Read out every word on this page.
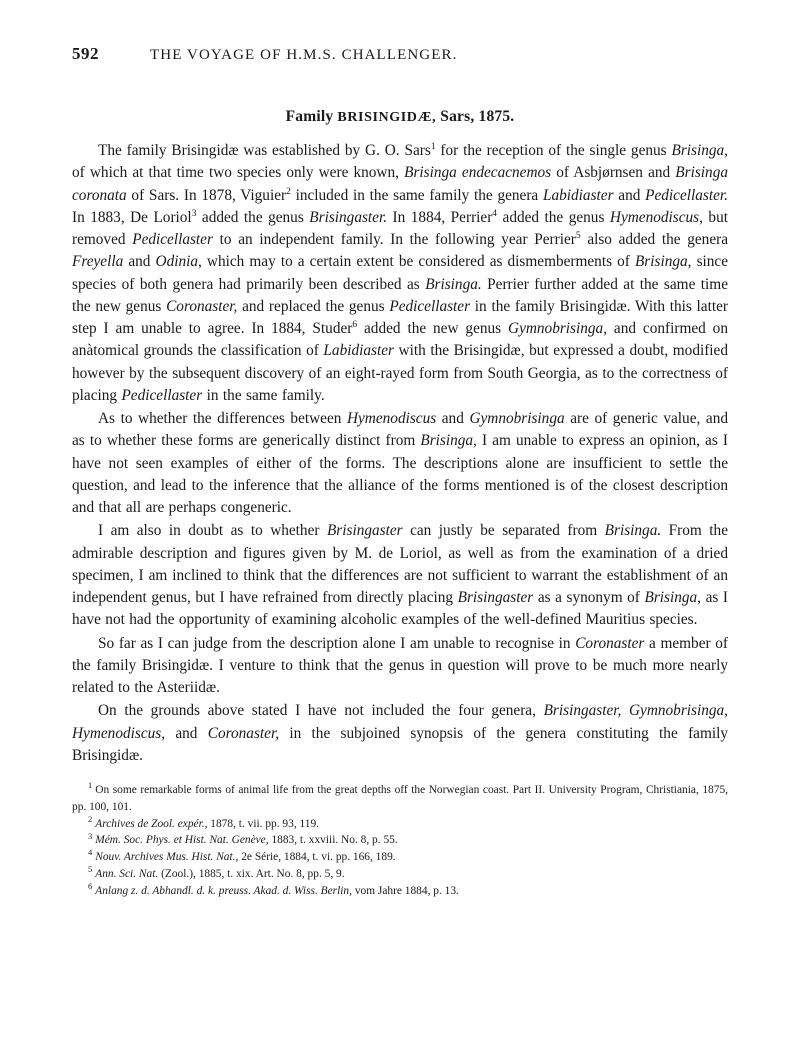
592	THE VOYAGE OF H.M.S. CHALLENGER.
Family BRISINGIDÆ, Sars, 1875.

The family Brisingidæ was established by G. O. Sars$^1$ for the reception of the single genus Brisinga, of which at that time two species only were known, Brisinga endecacnemos of Asbjørnsen and Brisinga coronata of Sars. In 1878, Viguier$^2$ included in the same family the genera Labidiaster and Pedicellaster. In 1883, De Loriol$^3$ added the genus Brisingaster. In 1884, Perrier$^4$ added the genus Hymenodiscus, but removed Pedicellaster to an independent family. In the following year Perrier$^5$ also added the genera Freyella and Odinia, which may to a certain extent be considered as dismemberments of Brisinga, since species of both genera had primarily been described as Brisinga. Perrier further added at the same time the new genus Coronaster, and replaced the genus Pedicellaster in the family Brisingidæ. With this latter step I am unable to agree. In 1884, Studer$^6$ added the new genus Gymnobrisinga, and confirmed on anàtomical grounds the classification of Labidiaster with the Brisingidæ, but expressed a doubt, modified however by the subsequent discovery of an eight-rayed form from South Georgia, as to the correctness of placing Pedicellaster in the same family.

As to whether the differences between Hymenodiscus and Gymnobrisinga are of generic value, and as to whether these forms are generically distinct from Brisinga, I am unable to express an opinion, as I have not seen examples of either of the forms. The descriptions alone are insufficient to settle the question, and lead to the inference that the alliance of the forms mentioned is of the closest description and that all are perhaps congeneric.

I am also in doubt as to whether Brisingaster can justly be separated from Brisinga. From the admirable description and figures given by M. de Loriol, as well as from the examination of a dried specimen, I am inclined to think that the differences are not sufficient to warrant the establishment of an independent genus, but I have refrained from directly placing Brisingaster as a synonym of Brisinga, as I have not had the opportunity of examining alcoholic examples of the well-defined Mauritius species.

So far as I can judge from the description alone I am unable to recognise in Coronaster a member of the family Brisingidæ. I venture to think that the genus in question will prove to be much more nearly related to the Asteriidæ.

On the grounds above stated I have not included the four genera, Brisingaster, Gymnobrisinga, Hymenodiscus, and Coronaster, in the subjoined synopsis of the genera constituting the family Brisingidæ.

$^1$ On some remarkable forms of animal life from the great depths off the Norwegian coast. Part II. University Program, Christiania, 1875, pp. 100, 101.

$^2$ Archives de Zool. expér., 1878, t. vii. pp. 93, 119.

$^3$ Mém. Soc. Phys. et Hist. Nat. Genève, 1883, t. xxviii. No. 8, p. 55.

$^4$ Nouv. Archives Mus. Hist. Nat., 2e Série, 1884, t. vi. pp. 166, 189.

$^5$ Ann. Sci. Nat. (Zool.), 1885, t. xix. Art. No. 8, pp. 5, 9.

$^6$ Anlang z. d. Abhandl. d. k. preuss. Akad. d. Wiss. Berlin, vom Jahre 1884, p. 13.
